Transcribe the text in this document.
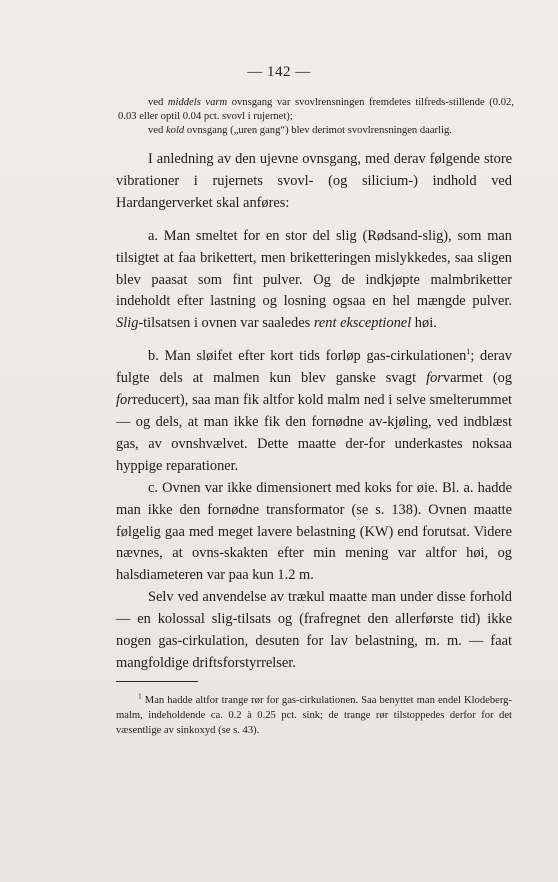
— 142 —

ved middels varm ovnsgang var svovlrensningen fremdetes tilfreds-stillende (0.02, 0.03 eller optil 0.04 pct. svovl i rujernet);

ved kold ovnsgang („uren gang“) blev derimot svovlrensningen daarlig.

I anledning av den ujevne ovnsgang, med derav følgende store vibrationer i rujernets svovl- (og silicium-) indhold ved Hardangerverket skal anføres:

a. Man smeltet for en stor del slig (Rødsand-slig), som man tilsigtet at faa brikettert, men briketteringen mislykkedes, saa sligen blev paasat som fint pulver. Og de indkjøpte malmbriketter indeholdt efter lastning og losning ogsaa en hel mængde pulver. Slig-tilsatsen i ovnen var saaledes rent eksceptionel høi.

b. Man sløifet efter kort tids forløp gas-cirkulationen$^1$; derav fulgte dels at malmen kun blev ganske svagt forvarmet (og forreducert), saa man fik altfor kold malm ned i selve smelterummet — og dels, at man ikke fik den fornødne av-kjøling, ved indblæst gas, av ovnshvælvet. Dette maatte der-for underkastes noksaa hyppige reparationer.

c. Ovnen var ikke dimensionert med koks for øie. Bl. a. hadde man ikke den fornødne transformator (se s. 138). Ovnen maatte følgelig gaa med meget lavere belastning (KW) end forutsat. Videre nævnes, at ovns-skakten efter min mening var altfor høi, og halsdiameteren var paa kun 1.2 m.

Selv ved anvendelse av trækul maatte man under disse forhold — en kolossal slig-tilsats og (frafregnet den allerførste tid) ikke nogen gas-cirkulation, desuten for lav belastning, m. m. — faat mangfoldige driftsforstyrrelser.

$^1$ Man hadde altfor trange rør for gas-cirkulationen. Saa benyttet man endel Klodeberg-malm, indeholdende ca. 0.2 à 0.25 pct. sink; de trange rør tilstoppedes derfor for det væsentlige av sinkoxyd (se s. 43).
